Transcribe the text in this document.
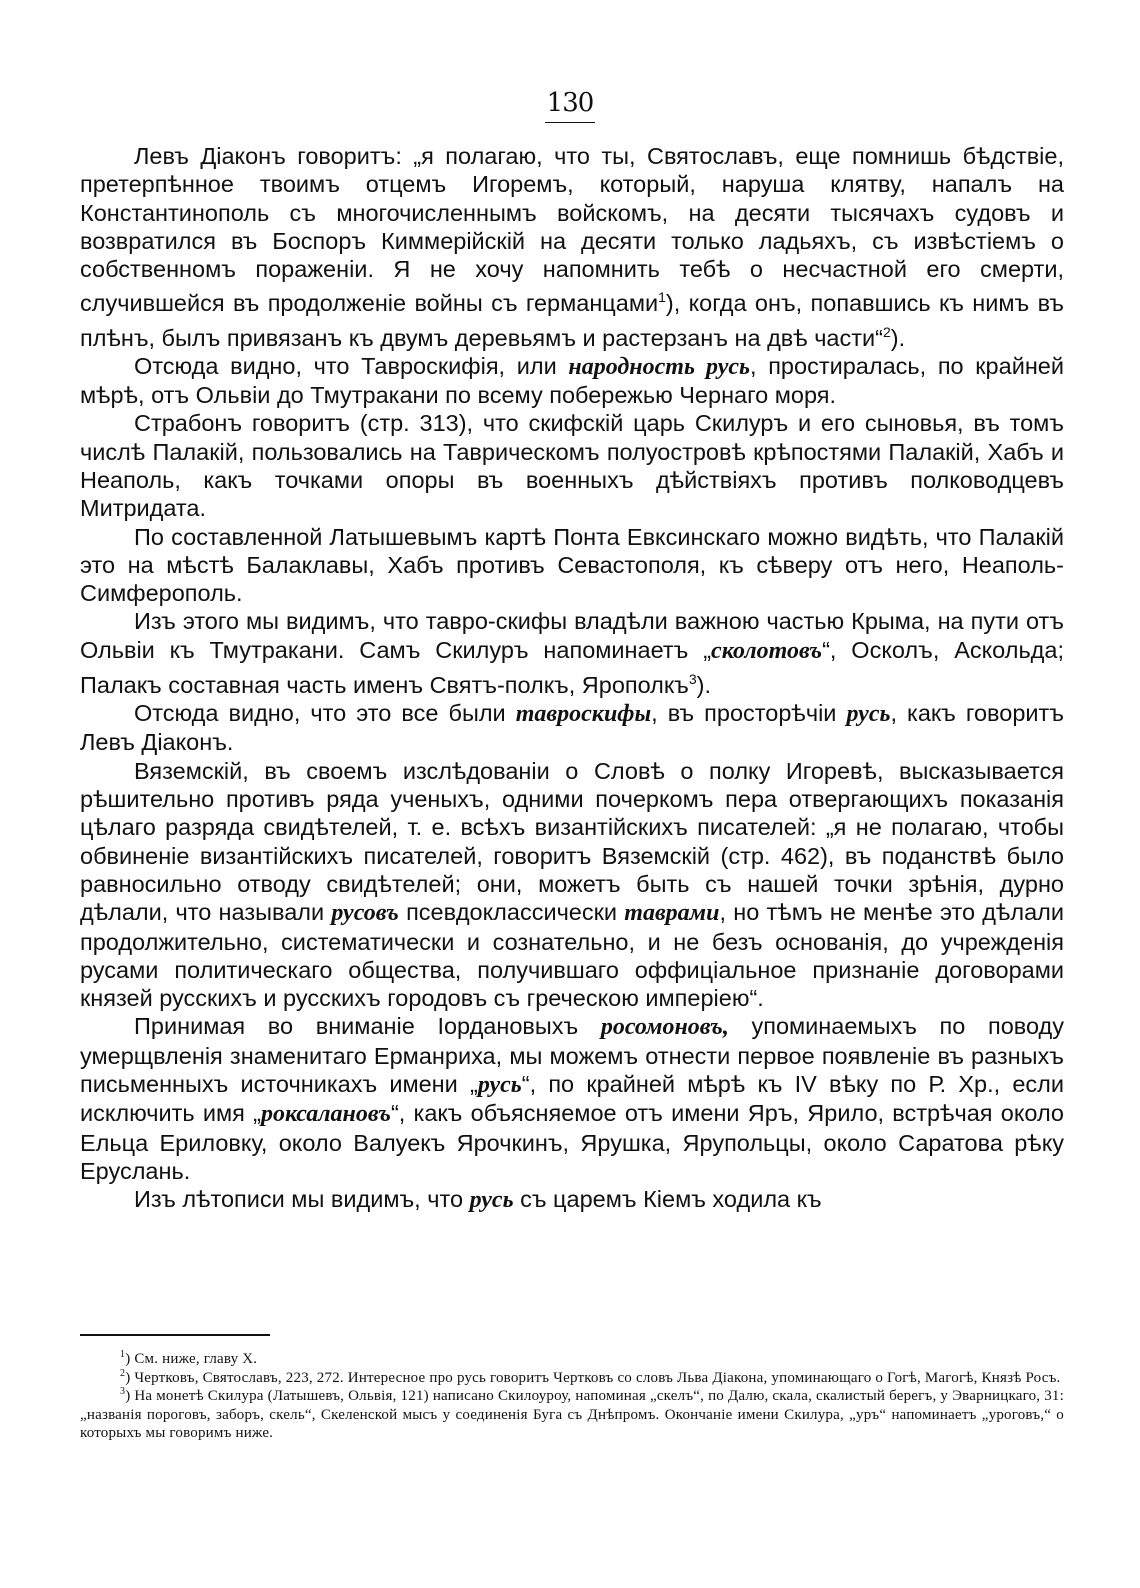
130

Левъ Діаконъ говоритъ: „я полагаю, что ты, Святославъ, еще помнишь бѣдствіе, претерпѣнное твоимъ отцемъ Игоремъ, который, наруша клятву, напалъ на Константинополь съ многочисленнымъ войскомъ, на десяти тысячахъ судовъ и возвратился въ Боспоръ Киммерійскій на десяти только ладьяхъ, съ извѣстіемъ о собственномъ пораженіи. Я не хочу напомнить тебѣ о несчастной его смерти, случившейся въ продолженіе войны съ германцами$^1$), когда онъ, попавшись къ нимъ въ плѣнъ, былъ привязанъ къ двумъ деревьямъ и растерзанъ на двѣ части“$^2$).

Отсюда видно, что Тавроскифія, или народность русь, простиралась, по крайней мѣрѣ, отъ Ольвіи до Тмутракани по всему побережью Чернаго моря.

Страбонъ говоритъ (стр. 313), что скифскій царь Скилуръ и его сыновья, въ томъ числѣ Палакій, пользовались на Таврическомъ полуостровѣ крѣпостями Палакій, Хабъ и Неаполь, какъ точками опоры въ военныхъ дѣйствіяхъ противъ полководцевъ Митридата.

По составленной Латышевымъ картѣ Понта Евксинскаго можно видѣть, что Палакій это на мѣстѣ Балаклавы, Хабъ противъ Севастополя, къ сѣверу отъ него, Неаполь-Симферополь.

Изъ этого мы видимъ, что тавро-скифы владѣли важною частью Крыма, на пути отъ Ольвіи къ Тмутракани. Самъ Скилуръ напоминаетъ „сколотовъ“, Осколъ, Аскольда; Палакъ составная часть именъ Святъ-полкъ, Ярополкъ$^3$).

Отсюда видно, что это все были тавроскифы, въ просторѣчіи русь, какъ говоритъ Левъ Діаконъ.

Вяземскій, въ своемъ изслѣдованіи о Словѣ о полку Игоревѣ, высказывается рѣшительно противъ ряда ученыхъ, одними почеркомъ пера отвергающихъ показанія цѣлаго разряда свидѣтелей, т. е. всѣхъ византійскихъ писателей: „я не полагаю, чтобы обвиненіе византійскихъ писателей, говоритъ Вяземскій (стр. 462), въ поданствѣ было равносильно отводу свидѣтелей; они, можетъ быть съ нашей точки зрѣнія, дурно дѣлали, что называли русовъ псевдоклассически таврами, но тѣмъ не менѣе это дѣлали продолжительно, систематически и сознательно, и не безъ основанія, до учрежденія русами политическаго общества, получившаго оффиціальное признаніе договорами князей русскихъ и русскихъ городовъ съ греческою имперіею“.

Принимая во вниманіе Іордановыхъ росомоновъ, упоминаемыхъ по поводу умерщвленія знаменитаго Ерманриха, мы можемъ отнести первое появленіе въ разныхъ письменныхъ источникахъ имени „русь“, по крайней мѣрѣ къ IV вѣку по Р. Хр., если исключить имя „роксалановъ“, какъ объясняемое отъ имени Яръ, Ярило, встрѣчая около Ельца Ериловку, около Валуекъ Ярочкинъ, Ярушка, Ярупольцы, около Саратова рѣку Еруслань.

Изъ лѣтописи мы видимъ, что русь съ царемъ Кіемъ ходила къ

$^1$) См. ниже, главу X.

$^2$) Чертковъ, Святославъ, 223, 272. Интересное про русь говоритъ Чертковъ со словъ Льва Діакона, упоминающаго о Гогѣ, Магогѣ, Князѣ Росъ.

$^3$) На монетѣ Скилура (Латышевъ, Ольвія, 121) написано Скилоуроу, напоминая „скелъ“, по Далю, скала, скалистый берегъ, у Эварницкаго, 31: „названія пороговъ, заборъ, скель“, Скеленской мысъ у соединенія Буга съ Днѣпромъ. Окончаніе имени Скилура, „уръ“ напоминаетъ „уроговъ,“ о которыхъ мы говоримъ ниже.
